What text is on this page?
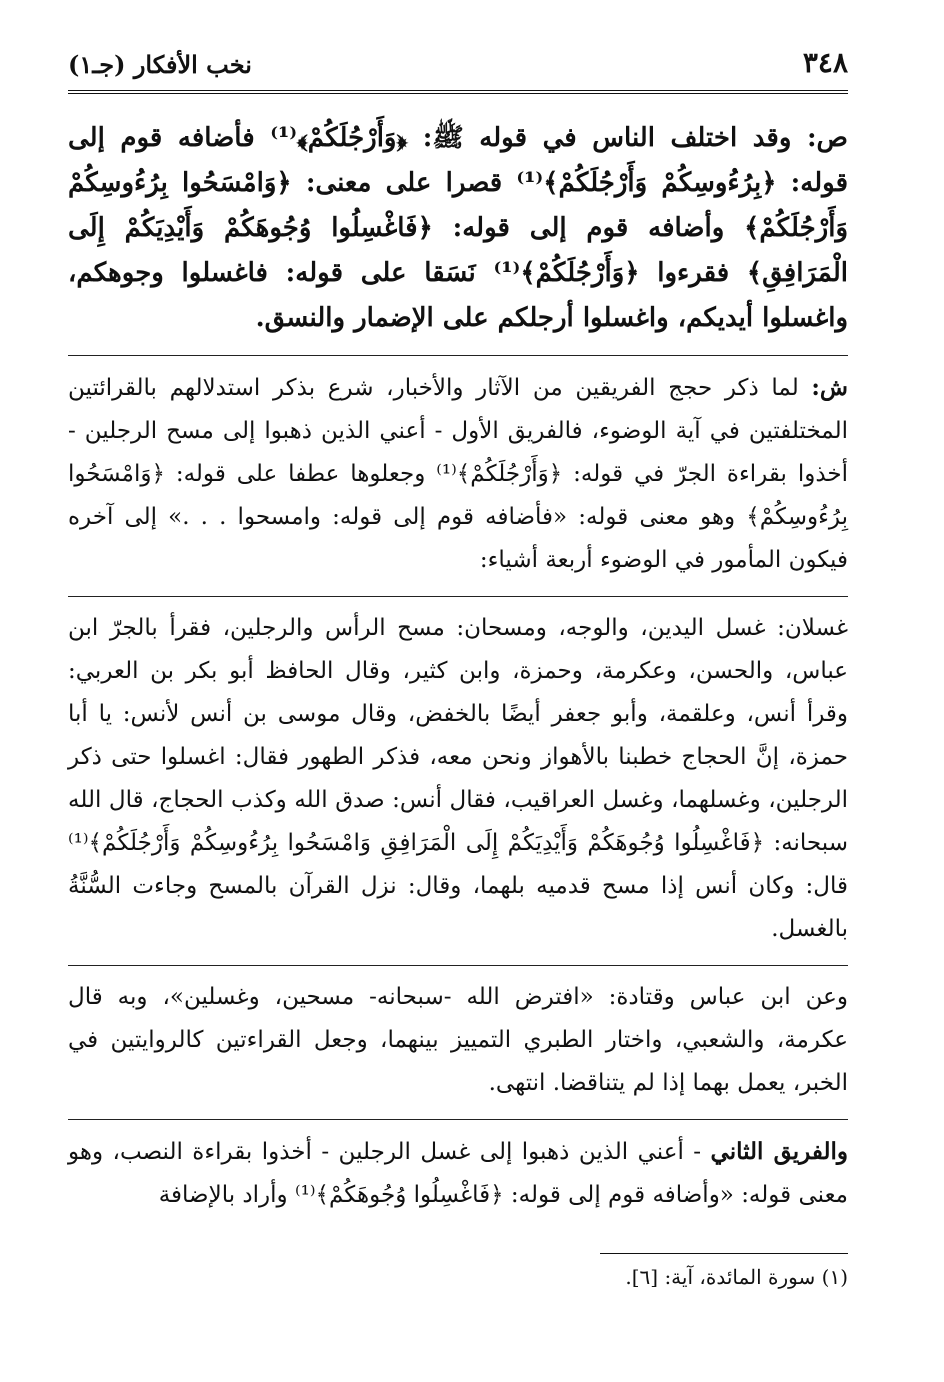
٣٤٨
نخب الأفكار (جـ١)

ص: وقد اختلف الناس في قوله ﷺ: ﴿وَأَرْجُلَكُمْ﴾⁽¹⁾ فأضافه قوم إلى قوله: ﴿بِرُءُوسِكُمْ وَأَرْجُلَكُمْ﴾⁽¹⁾ قصرا على معنى: ﴿وَامْسَحُوا بِرُءُوسِكُمْ وَأَرْجُلَكُمْ﴾ وأضافه قوم إلى قوله: ﴿فَاغْسِلُوا وُجُوهَكُمْ وَأَيْدِيَكُمْ إِلَى الْمَرَافِقِ﴾ فقرءوا ﴿وَأَرْجُلَكُمْ﴾⁽¹⁾ نَسَقا على قوله: فاغسلوا وجوهكم، واغسلوا أيديكم، واغسلوا أرجلكم على الإضمار والنسق.

ش: لما ذكر حجج الفريقين من الآثار والأخبار، شرع بذكر استدلالهم بالقرائتين المختلفتين في آية الوضوء، فالفريق الأول - أعني الذين ذهبوا إلى مسح الرجلين - أخذوا بقراءة الجرّ في قوله: ﴿وَأَرْجُلَكُمْ﴾⁽¹⁾ وجعلوها عطفا على قوله: ﴿وَامْسَحُوا بِرُءُوسِكُمْ﴾ وهو معنى قوله: «فأضافه قوم إلى قوله: وامسحوا . . .» إلى آخره فيكون المأمور في الوضوء أربعة أشياء:

غسلان: غسل اليدين، والوجه، ومسحان: مسح الرأس والرجلين، فقرأ بالجرّ ابن عباس، والحسن، وعكرمة، وحمزة، وابن كثير، وقال الحافظ أبو بكر بن العربي: وقرأ أنس، وعلقمة، وأبو جعفر أيضًا بالخفض، وقال موسى بن أنس لأنس: يا أبا حمزة، إنَّ الحجاج خطبنا بالأهواز ونحن معه، فذكر الطهور فقال: اغسلوا حتى ذكر الرجلين، وغسلهما، وغسل العراقيب، فقال أنس: صدق الله وكذب الحجاج، قال الله سبحانه: ﴿فَاغْسِلُوا وُجُوهَكُمْ وَأَيْدِيَكُمْ إِلَى الْمَرَافِقِ وَامْسَحُوا بِرُءُوسِكُمْ وَأَرْجُلَكُمْ﴾⁽¹⁾ قال: وكان أنس إذا مسح قدميه بلهما، وقال: نزل القرآن بالمسح وجاءت السُّنَّةُ بالغسل.

وعن ابن عباس وقتادة: «افترض الله -سبحانه- مسحين، وغسلين»، وبه قال عكرمة، والشعبي، واختار الطبري التمييز بينهما، وجعل القراءتين كالروايتين في الخبر، يعمل بهما إذا لم يتناقضا. انتهى.

والفريق الثاني - أعني الذين ذهبوا إلى غسل الرجلين - أخذوا بقراءة النصب، وهو معنى قوله: «وأضافه قوم إلى قوله: ﴿فَاغْسِلُوا وُجُوهَكُمْ﴾⁽¹⁾ وأراد بالإضافة

(١) سورة المائدة، آية: [٦].
